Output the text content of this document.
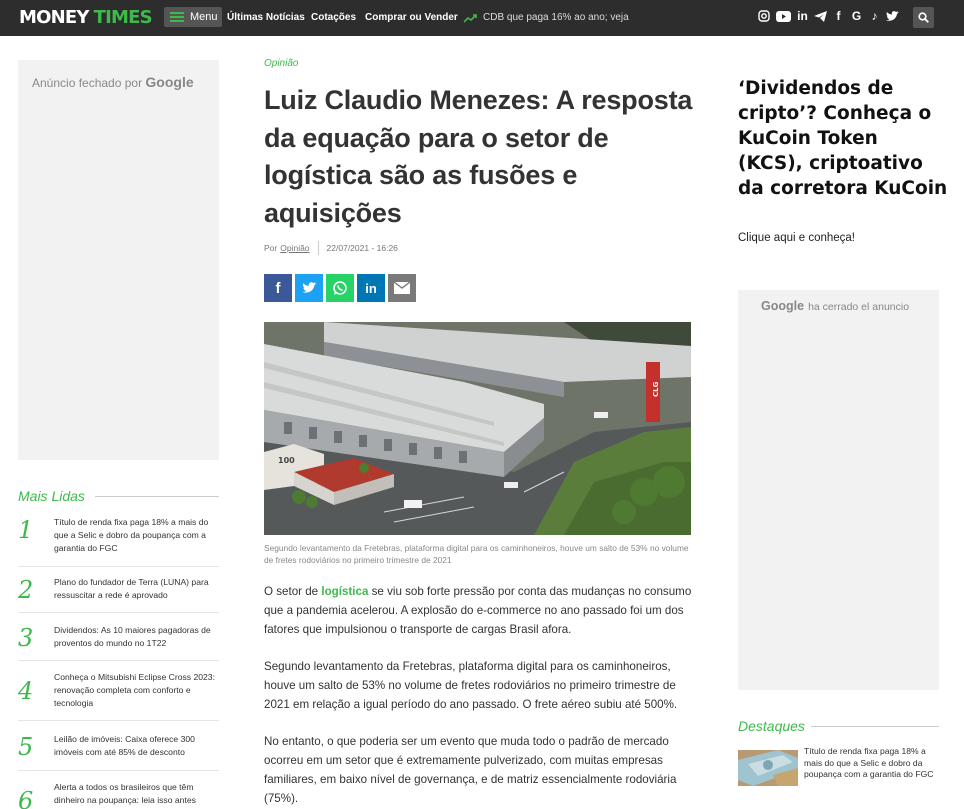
MONEY TIMES	Menu Últimas Notícias Cotações Comprar ou Vender	CDB que paga 16% ao ano; veja	in	f G ♪
Anúncio fechado por Google
Mais Lidas
1 Título de renda fixa paga 18% a mais do que a Selic e dobro da poupança com a garantia do FGC
2 Plano do fundador de Terra (LUNA) para ressuscitar a rede é aprovado
3 Dividendos: As 10 maiores pagadoras de proventos do mundo no 1T22
4 Conheça o Mitsubishi Eclipse Cross 2023: renovação completa com conforto e tecnologia
5 Leilão de imóveis: Caixa oferece 300 imóveis com até 85% de desconto
6 Alerta a todos os brasileiros que têm dinheiro na poupança: leia isso antes
Opinião
Luiz Claudio Menezes: A resposta da equação para o setor de logística são as fusões e aquisições
Por Opinião 22/07/2021 - 16:26
f	in
100
CLG

Segundo levantamento da Fretebras, plataforma digital para os caminhoneiros, houve um salto de 53% no volume de fretes rodoviários no primeiro trimestre de 2021

O setor de logística se viu sob forte pressão por conta das mudanças no consumo que a pandemia acelerou. A explosão do e-commerce no ano passado foi um dos fatores que impulsionou o transporte de cargas Brasil afora.

Segundo levantamento da Fretebras, plataforma digital para os caminhoneiros, houve um salto de 53% no volume de fretes rodoviários no primeiro trimestre de 2021 em relação a igual período do ano passado. O frete aéreo subiu até 500%.

No entanto, o que poderia ser um evento que muda todo o padrão de mercado ocorreu em um setor que é extremamente pulverizado, com muitas empresas familiares, em baixo nível de governança, e de matriz essencialmente rodoviária (75%).

‘Dividendos de cripto’? Conheça o KuCoin Token (KCS), criptoativo da corretora KuCoin
Clique aqui e conheça!
Google ha cerrado el anuncio
Destaques
Título de renda fixa paga 18% a mais do que a Selic e dobro da poupança com a garantia do FGC
